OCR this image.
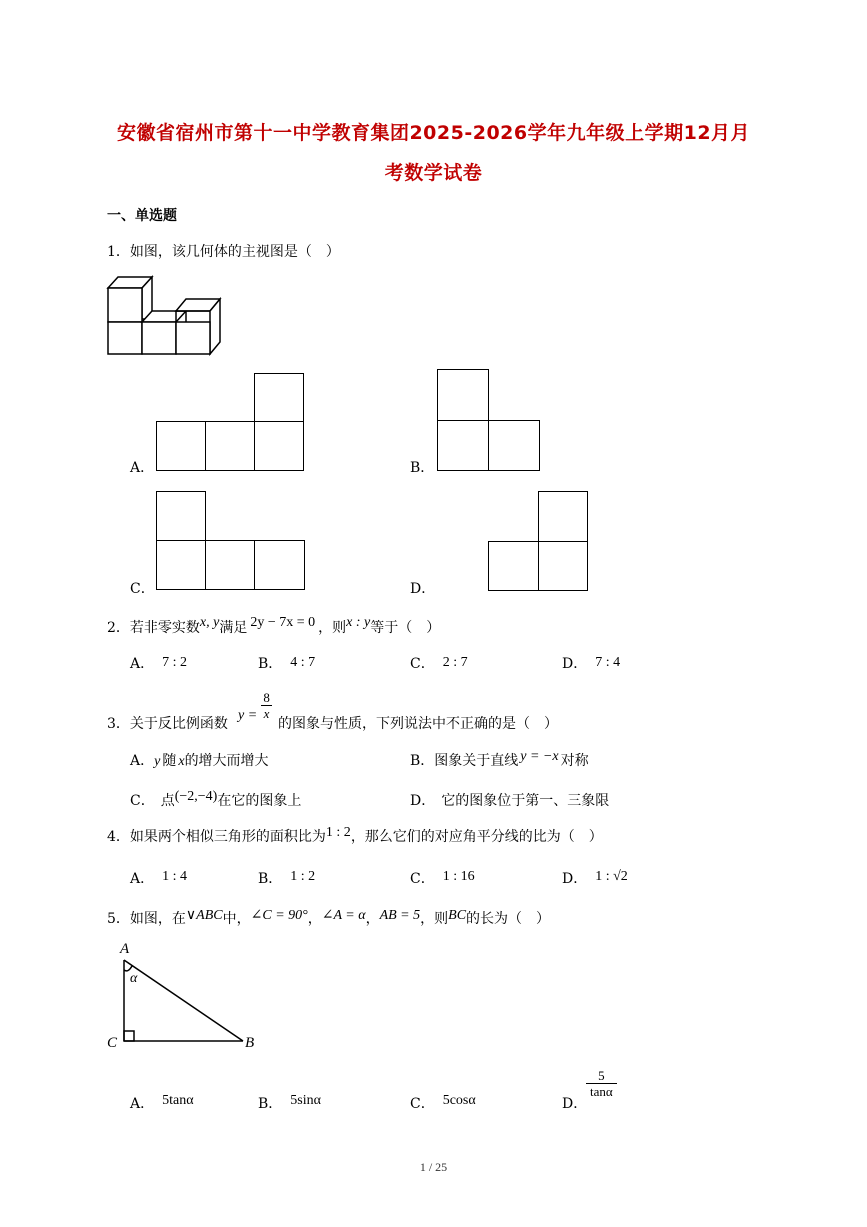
安徽省宿州市第十一中学教育集团2025-2026学年九年级上学期12月月
考数学试卷
一、单选题
1．如图，该几何体的主视图是（　）
A．	B．
C．	D．
2．若非零实数x, y满足 2y − 7x = 0 ，则x : y等于（　）
A． 7 : 2	B． 4 : 7	C． 2 : 7	D． 7 : 4
3．关于反比例函数
$y = \frac{8}{x}$
的图象与性质，下列说法中不正确的是（　）
A．y 随 x的增大而增大	B．图象关于直线 y = −x 对称
C． 点(−2,−4)在它的图象上	D． 它的图象位于第一、三象限
4．如果两个相似三角形的面积比为1 : 2，那么它们的对应角平分线的比为（　）
A． 1 : 4	B． 1 : 2	C． 1 : 16	D． 1 : √2
5．如图，在∨ABC中，∠C = 90°，∠A = α，AB = 5，则BC的长为（　）
A
α
C	B
A． 5tanα	B． 5sinα	C． 5cosα	D．
$\frac{5}{\tan\alpha}$
1 / 25
